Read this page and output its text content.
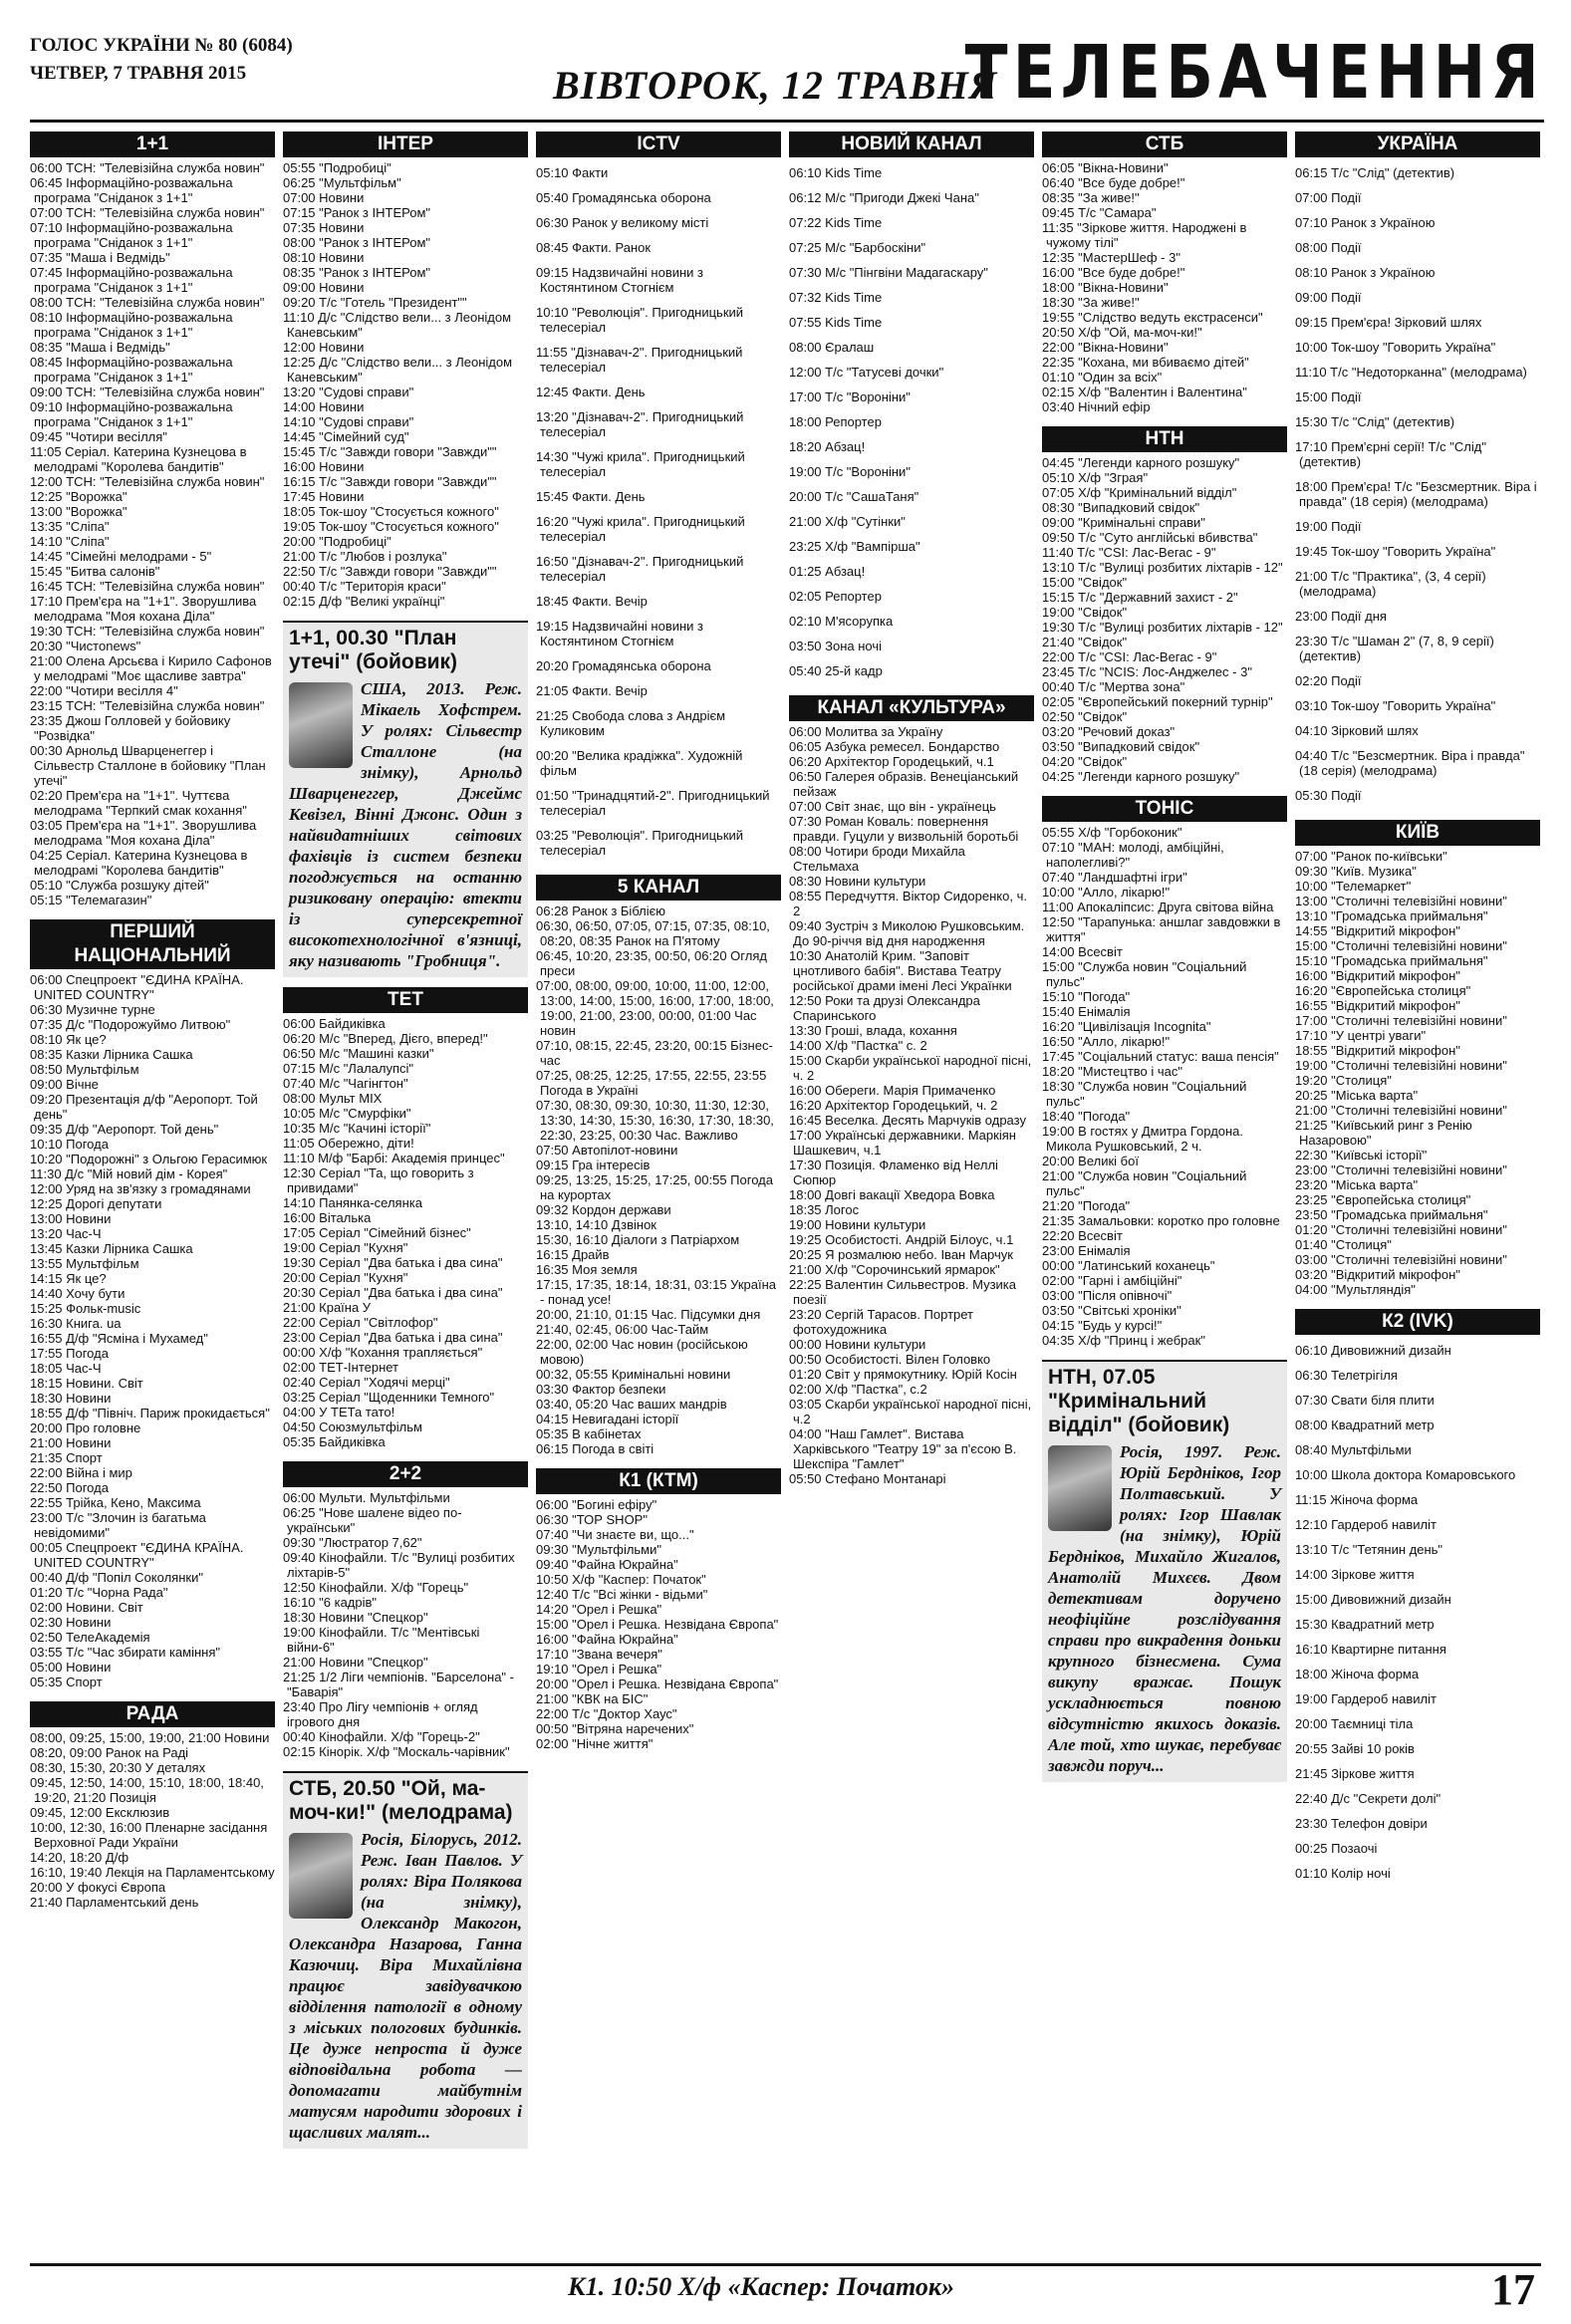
ГОЛОС УКРАЇНИ № 80 (6084)
ЧЕТВЕР, 7 ТРАВНЯ 2015	ВІВТОРОК, 12 ТРАВНЯ
ТЕЛЕБАЧЕННЯ
1+1
06:00 ТСН: "Телевізійна служба новин"
06:45 Інформаційно-розважальна програма "Сніданок з 1+1"
07:00 ТСН: "Телевізійна служба новин"
07:10 Інформаційно-розважальна програма "Сніданок з 1+1"
07:35 "Маша і Ведмідь"
07:45 Інформаційно-розважальна програма "Сніданок з 1+1"
08:00 ТСН: "Телевізійна служба новин"
08:10 Інформаційно-розважальна програма "Сніданок з 1+1"
08:35 "Маша і Ведмідь"
08:45 Інформаційно-розважальна програма "Сніданок з 1+1"
09:00 ТСН: "Телевізійна служба новин"
09:10 Інформаційно-розважальна програма "Сніданок з 1+1"
09:45 "Чотири весілля"
11:05 Серіал. Катерина Кузнецова в мелодрамі "Королева бандитів"
12:00 ТСН: "Телевізійна служба новин"
12:25 "Ворожка"
13:00 "Ворожка"
13:35 "Сліпа"
14:10 "Сліпа"
14:45 "Сімейні мелодрами - 5"
15:45 "Битва салонів"
16:45 ТСН: "Телевізійна служба новин"
17:10 Прем'єра на "1+1". Зворушлива мелодрама "Моя кохана Діла"
19:30 ТСН: "Телевізійна служба новин"
20:30 "Чистоnews"
21:00 Олена Арсьєва і Кирило Сафонов у мелодрамі "Моє щасливе завтра"
22:00 "Чотири весілля 4"
23:15 ТСН: "Телевізійна служба новин"
23:35 Джош Голловей у бойовику "Розвідка"
00:30 Арнольд Шварценеггер і Сільвестр Сталлоне в бойовику "План утечі"
02:20 Прем'єра на "1+1". Чуттєва мелодрама "Терпкий смак кохання"
03:05 Прем'єра на "1+1". Зворушлива мелодрама "Моя кохана Діла"
04:25 Серіал. Катерина Кузнецова в мелодрамі "Королева бандитів"
05:10 "Служба розшуку дітей"
05:15 "Телемагазин"
ПЕРШИЙ НАЦІОНАЛЬНИЙ
06:00 Спецпроект "ЄДИНА КРАЇНА. UNITED COUNTRY"
06:30 Музичне турне
07:35 Д/с "Подорожуймо Литвою"
08:10 Як це?
08:35 Казки Лірника Сашка
08:50 Мультфільм
09:00 Вічне
09:20 Презентація д/ф "Аеропорт. Той день"
09:35 Д/ф "Аеропорт. Той день"
10:10 Погода
10:20 "Подорожні" з Ольгою Герасимюк
11:30 Д/с "Мій новий дім - Корея"
12:00 Уряд на зв'язку з громадянами
12:25 Дорогі депутати
13:00 Новини
13:20 Час-Ч
13:45 Казки Лірника Сашка
13:55 Мультфільм
14:15 Як це?
14:40 Хочу бути
15:25 Фольк-music
16:30 Книга. ua
16:55 Д/ф "Ясміна і Мухамед"
17:55 Погода
18:05 Час-Ч
18:15 Новини. Світ
18:30 Новини
18:55 Д/ф "Північ. Париж прокидається"
20:00 Про головне
21:00 Новини
21:35 Спорт
22:00 Війна і мир
22:50 Погода
22:55 Трійка, Кено, Максима
23:00 Т/с "Злочин із багатьма невідомими"
00:05 Спецпроект "ЄДИНА КРАЇНА. UNITED COUNTRY"
00:40 Д/ф "Попіл Соколянки"
01:20 Т/с "Чорна Рада"
02:00 Новини. Світ
02:30 Новини
02:50 ТелеАкадемія
03:55 Т/с "Час збирати каміння"
05:00 Новини
05:35 Спорт
РАДА
08:00, 09:25, 15:00, 19:00, 21:00 Новини
08:20, 09:00 Ранок на Раді
08:30, 15:30, 20:30 У деталях
09:45, 12:50, 14:00, 15:10, 18:00, 18:40, 19:20, 21:20 Позиція
09:45, 12:00 Ексклюзив
10:00, 12:30, 16:00 Пленарне засідання Верховної Ради України
14:20, 18:20 Д/ф
16:10, 19:40 Лекція на Парламентському
20:00 У фокусі Європа
21:40 Парламентський день
ІНТЕР
05:55 "Подробиці"
06:25 "Мультфільм"
07:00 Новини
07:15 "Ранок з ІНТЕРом"
07:35 Новини
08:00 "Ранок з ІНТЕРом"
08:10 Новини
08:35 "Ранок з ІНТЕРом"
09:00 Новини
09:20 Т/с "Готель "Президент""
11:10 Д/с "Слідство вели... з Леонідом Каневським"
12:00 Новини
12:25 Д/с "Слідство вели... з Леонідом Каневським"
13:20 "Судові справи"
14:00 Новини
14:10 "Судові справи"
14:45 "Сімейний суд"
15:45 Т/с "Завжди говори "Завжди""
16:00 Новини
16:15 Т/с "Завжди говори "Завжди""
17:45 Новини
18:05 Ток-шоу "Стосується кожного"
19:05 Ток-шоу "Стосується кожного"
20:00 "Подробиці"
21:00 Т/с "Любов і розлука"
22:50 Т/с "Завжди говори "Завжди""
00:40 Т/с "Територія краси"
02:15 Д/ф "Великі українці"
1+1, 00.30 "План утечі" (бойовик)

США, 2013. Реж. Мікаель Хофстрем. У ролях: Сільвестр Сталлоне (на знімку), Арнольд Шварценеггер, Джеймс Кевізел, Вінні Джонс. Один з найвидатніших світових фахівців із систем безпеки погоджується на останню ризиковану операцію: втекти із суперсекретної високотехнологічної в'язниці, яку називають "Гробниця".

ТЕТ
06:00 Байдиківка
06:20 М/с "Вперед, Дієго, вперед!"
06:50 М/с "Машині казки"
07:15 М/с "Лалалупсі"
07:40 М/с "Чагінгтон"
08:00 Мульт MIX
10:05 М/с "Смурфіки"
10:35 М/с "Качині історії"
11:05 Обережно, діти!
11:10 М/ф "Барбі: Академія принцес"
12:30 Серіал "Та, що говорить з привидами"
14:10 Панянка-селянка
16:00 Віталька
17:05 Серіал "Сімейний бізнес"
19:00 Серіал "Кухня"
19:30 Серіал "Два батька і два сина"
20:00 Серіал "Кухня"
20:30 Серіал "Два батька і два сина"
21:00 Країна У
22:00 Серіал "Світлофор"
23:00 Серіал "Два батька і два сина"
00:00 Х/ф "Кохання трапляється"
02:00 ТЕТ-Інтернет
02:40 Серіал "Ходячі мерці"
03:25 Серіал "Щоденники Темного"
04:00 У ТЕТа тато!
04:50 Союзмультфільм
05:35 Байдиківка
2+2
06:00 Мульти. Мультфільми
06:25 "Нове шалене відео по-українськи"
09:30 "Люстратор 7,62"
09:40 Кінофайли. Т/с "Вулиці розбитих ліхтарів-5"
12:50 Кінофайли. Х/ф "Горець"
16:10 "6 кадрів"
18:30 Новини "Спецкор"
19:00 Кінофайли. Т/с "Ментівські війни-6"
21:00 Новини "Спецкор"
21:25 1/2 Ліги чемпіонів. "Барселона" - "Баварія"
23:40 Про Лігу чемпіонів + огляд ігрового дня
00:40 Кінофайли. Х/ф "Горець-2"
02:15 Кінорік. Х/ф "Москаль-чарівник"
СТБ, 20.50 "Ой, ма-моч-ки!" (мелодрама)

Росія, Білорусь, 2012. Реж. Іван Павлов. У ролях: Віра Полякова (на знімку), Олександр Макогон, Олександра Назарова, Ганна Казючиц. Віра Михайлівна працює завідувачкою відділення патології в одному з міських пологових будинків. Це дуже непроста й дуже відповідальна робота — допомагати майбутнім матусям народити здорових і щасливих малят...

ICTV
05:10 Факти
05:40 Громадянська оборона
06:30 Ранок у великому місті
08:45 Факти. Ранок
09:15 Надзвичайні новини з Костянтином Стогнієм
10:10 "Революція". Пригодницький телесеріал
11:55 "Дізнавач-2". Пригодницький телесеріал
12:45 Факти. День
13:20 "Дізнавач-2". Пригодницький телесеріал
14:30 "Чужі крила". Пригодницький телесеріал
15:45 Факти. День
16:20 "Чужі крила". Пригодницький телесеріал
16:50 "Дізнавач-2". Пригодницький телесеріал
18:45 Факти. Вечір
19:15 Надзвичайні новини з Костянтином Стогнієм
20:20 Громадянська оборона
21:05 Факти. Вечір
21:25 Свобода слова з Андрієм Куликовим
00:20 "Велика крадіжка". Художній фільм
01:50 "Тринадцятий-2". Пригодницький телесеріал
03:25 "Революція". Пригодницький телесеріал
5 КАНАЛ
06:28 Ранок з Біблією
06:30, 06:50, 07:05, 07:15, 07:35, 08:10, 08:20, 08:35 Ранок на П'ятому
06:45, 10:20, 23:35, 00:50, 06:20 Огляд преси
07:00, 08:00, 09:00, 10:00, 11:00, 12:00, 13:00, 14:00, 15:00, 16:00, 17:00, 18:00, 19:00, 21:00, 23:00, 00:00, 01:00 Час новин
07:10, 08:15, 22:45, 23:20, 00:15 Бізнес-час
07:25, 08:25, 12:25, 17:55, 22:55, 23:55 Погода в Україні
07:30, 08:30, 09:30, 10:30, 11:30, 12:30, 13:30, 14:30, 15:30, 16:30, 17:30, 18:30, 22:30, 23:25, 00:30 Час. Важливо
07:50 Автопілот-новини
09:15 Гра інтересів
09:25, 13:25, 15:25, 17:25, 00:55 Погода на курортах
09:32 Кордон держави
13:10, 14:10 Дзвінок
15:30, 16:10 Діалоги з Патріархом
16:15 Драйв
16:35 Моя земля
17:15, 17:35, 18:14, 18:31, 03:15 Україна - понад усе!
20:00, 21:10, 01:15 Час. Підсумки дня
21:40, 02:45, 06:00 Час-Тайм
22:00, 02:00 Час новин (російською мовою)
00:32, 05:55 Кримінальні новини
03:30 Фактор безпеки
03:40, 05:20 Час ваших мандрів
04:15 Невигадані історії
05:35 В кабінетах
06:15 Погода в світі
К1 (КТМ)
06:00 "Богині ефіру"
06:30 "ТОР SHOP"
07:40 "Чи знаєте ви, що..."
09:30 "Мультфільми"
09:40 "Файна Юкрайна"
10:50 Х/ф "Каспер: Початок"
12:40 Т/с "Всі жінки - відьми"
14:20 "Орел і Решка"
15:00 "Орел і Решка. Незвідана Європа"
16:00 "Файна Юкрайна"
17:10 "Звана вечеря"
19:10 "Орел і Решка"
20:00 "Орел і Решка. Незвідана Європа"
21:00 "КВК на БІС"
22:00 Т/с "Доктор Хаус"
00:50 "Вітряна наречених"
02:00 "Нічне життя"
НОВИЙ КАНАЛ
06:10 Kids Time
06:12 М/с "Пригоди Джекі Чана"
07:22 Kids Time
07:25 М/с "Барбоскіни"
07:30 М/с "Пінгвіни Мадагаскару"
07:32 Kids Time
07:55 Kids Time
08:00 Єралаш
12:00 Т/с "Татусеві дочки"
17:00 Т/с "Вороніни"
18:00 Репортер
18:20 Абзац!
19:00 Т/с "Вороніни"
20:00 Т/с "СашаТаня"
21:00 Х/ф "Сутінки"
23:25 Х/ф "Вампірша"
01:25 Абзац!
02:05 Репортер
02:10 М'ясорупка
03:50 Зона ночі
05:40 25-й кадр
КАНАЛ «КУЛЬТУРА»
06:00 Молитва за Україну
06:05 Азбука ремесел. Бондарство
06:20 Архітектор Городецький, ч.1
06:50 Галерея образів. Венеціанський пейзаж
07:00 Світ знає, що він - українець
07:30 Роман Коваль: повернення правди. Гуцули у визвольній боротьбі
08:00 Чотири броди Михайла Стельмаха
08:30 Новини культури
08:55 Передчуття. Віктор Сидоренко, ч. 2
09:40 Зустріч з Миколою Рушковським. До 90-річчя від дня народження
10:30 Анатолій Крим. "Заповіт цнотливого бабія". Вистава Театру російської драми імені Лесі Українки
12:50 Роки та друзі Олександра Спаринського
13:30 Гроші, влада, кохання
14:00 Х/ф "Пастка" с. 2
15:00 Скарби української народної пісні, ч. 2
16:00 Обереги. Марія Примаченко
16:20 Архітектор Городецький, ч. 2
16:45 Веселка. Десять Марчуків одразу
17:00 Українські державники. Маркіян Шашкевич, ч.1
17:30 Позиція. Фламенко від Неллі Сюпюр
18:00 Довгі вакації Хведора Вовка
18:35 Логос
19:00 Новини культури
19:25 Особистості. Андрій Білоус, ч.1
20:25 Я розмалюю небо. Іван Марчук
21:00 Х/ф "Сорочинський ярмарок"
22:25 Валентин Сильвестров. Музика поезії
23:20 Сергій Тарасов. Портрет фотохудожника
00:00 Новини культури
00:50 Особистості. Вілен Головко
01:20 Світ у прямокутнику. Юрій Косін
02:00 Х/ф "Пастка", с.2
03:05 Скарби української народної пісні, ч.2
04:00 "Наш Гамлет". Вистава Харківського "Театру 19" за п'єсою В. Шекспіра "Гамлет"
05:50 Стефано Монтанарі
СТБ
06:05 "Вікна-Новини"
06:40 "Все буде добре!"
08:35 "За живе!"
09:45 Т/с "Самара"
11:35 "Зіркове життя. Народжені в чужому тілі"
12:35 "МастерШеф - 3"
16:00 "Все буде добре!"
18:00 "Вікна-Новини"
18:30 "За живе!"
19:55 "Слідство ведуть екстрасенси"
20:50 Х/ф "Ой, ма-моч-ки!"
22:00 "Вікна-Новини"
22:35 "Кохана, ми вбиваємо дітей"
01:10 "Один за всіх"
02:15 Х/ф "Валентин і Валентина"
03:40 Нічний ефір
НТН
04:45 "Легенди карного розшуку"
05:10 Х/ф "Зграя"
07:05 Х/ф "Кримінальний відділ"
08:30 "Випадковий свідок"
09:00 "Кримінальні справи"
09:50 Т/с "Суто англійські вбивства"
11:40 Т/с "CSI: Лас-Вегас - 9"
13:10 Т/с "Вулиці розбитих ліхтарів - 12"
15:00 "Свідок"
15:15 Т/с "Державний захист - 2"
19:00 "Свідок"
19:30 Т/с "Вулиці розбитих ліхтарів - 12"
21:40 "Свідок"
22:00 Т/с "CSI: Лас-Вегас - 9"
23:45 Т/с "NCIS: Лос-Анджелес - 3"
00:40 Т/с "Мертва зона"
02:05 "Європейський покерний турнір"
02:50 "Свідок"
03:20 "Речовий доказ"
03:50 "Випадковий свідок"
04:20 "Свідок"
04:25 "Легенди карного розшуку"
ТОНІС
05:55 Х/ф "Горбоконик"
07:10 "МАН: молоді, амбіційні, наполегливі?"
07:40 "Ландшафтні ігри"
10:00 "Алло, лікарю!"
11:00 Апокаліпсис: Друга світова війна
12:50 "Тарапунька: аншлаг завдовжки в життя"
14:00 Всесвіт
15:00 "Служба новин "Соціальний пульс"
15:10 "Погода"
15:40 Енімалія
16:20 "Цивілізація Incognita"
16:50 "Алло, лікарю!"
17:45 "Соціальний статус: ваша пенсія"
18:20 "Мистецтво і час"
18:30 "Служба новин "Соціальний пульс"
18:40 "Погода"
19:00 В гостях у Дмитра Гордона. Микола Рушковський, 2 ч.
20:00 Великі бої
21:00 "Служба новин "Соціальний пульс"
21:20 "Погода"
21:35 Замальовки: коротко про головне
22:20 Всесвіт
23:00 Енімалія
00:00 "Латинський коханець"
02:00 "Гарні і амбіційні"
03:00 "Після опівночі"
03:50 "Світські хроніки"
04:15 "Будь у курсі!"
04:35 Х/ф "Принц і жебрак"
НТН, 07.05 "Кримінальний відділ" (бойовик)

Росія, 1997. Реж. Юрій Бердніков, Ігор Полтавський. У ролях: Ігор Шавлак (на знімку), Юрій Бердніков, Михайло Жигалов, Анатолій Михєєв. Двом детективам доручено неофіційне розслідування справи про викрадення доньки крупного бізнесмена. Сума викупу вражає. Пошук ускладнюється повною відсутністю якихось доказів. Але той, хто шукає, перебуває завжди поруч...

УКРАЇНА
06:15 Т/с "Слід" (детектив)
07:00 Події
07:10 Ранок з Україною
08:00 Події
08:10 Ранок з Україною
09:00 Події
09:15 Прем'єра! Зірковий шлях
10:00 Ток-шоу "Говорить Україна"
11:10 Т/с "Недоторканна" (мелодрама)
15:00 Події
15:30 Т/с "Слід" (детектив)
17:10 Прем'єрні серії! Т/с "Слід" (детектив)
18:00 Прем'єра! Т/с "Безсмертник. Віра і правда" (18 серія) (мелодрама)
19:00 Події
19:45 Ток-шоу "Говорить Україна"
21:00 Т/с "Практика", (3, 4 серії) (мелодрама)
23:00 Події дня
23:30 Т/с "Шаман 2" (7, 8, 9 серії) (детектив)
02:20 Події
03:10 Ток-шоу "Говорить Україна"
04:10 Зірковий шлях
04:40 Т/с "Безсмертник. Віра і правда" (18 серія) (мелодрама)
05:30 Події
КИЇВ
07:00 "Ранок по-київськи"
09:30 "Київ. Музика"
10:00 "Телемаркет"
13:00 "Столичні телевізійні новини"
13:10 "Громадська приймальня"
14:55 "Відкритий мікрофон"
15:00 "Столичні телевізійні новини"
15:10 "Громадська приймальня"
16:00 "Відкритий мікрофон"
16:20 "Європейська столиця"
16:55 "Відкритий мікрофон"
17:00 "Столичні телевізійні новини"
17:10 "У центрі уваги"
18:55 "Відкритий мікрофон"
19:00 "Столичні телевізійні новини"
19:20 "Столиця"
20:25 "Міська варта"
21:00 "Столичні телевізійні новини"
21:25 "Київський ринг з Ренію Назаровою"
22:30 "Київські історії"
23:00 "Столичні телевізійні новини"
23:20 "Міська варта"
23:25 "Європейська столиця"
23:50 "Громадська приймальня"
01:20 "Столичні телевізійні новини"
01:40 "Столиця"
03:00 "Столичні телевізійні новини"
03:20 "Відкритий мікрофон"
04:00 "Мультляндія"
К2 (IVK)
06:10 Дивовижний дизайн
06:30 Телетрігіля
07:30 Свати біля плити
08:00 Квадратний метр
08:40 Мультфільми
10:00 Школа доктора Комаровського
11:15 Жіноча форма
12:10 Гардероб навиліт
13:10 Т/с "Тетянин день"
14:00 Зіркове життя
15:00 Дивовижний дизайн
15:30 Квадратний метр
16:10 Квартирне питання
18:00 Жіноча форма
19:00 Гардероб навиліт
20:00 Таємниці тіла
20:55 Зайві 10 років
21:45 Зіркове життя
22:40 Д/с "Секрети долі"
23:30 Телефон довіри
00:25 Позаочі
01:10 Колір ночі
К1. 10:50 Х/ф «Каспер: Початок»	17
